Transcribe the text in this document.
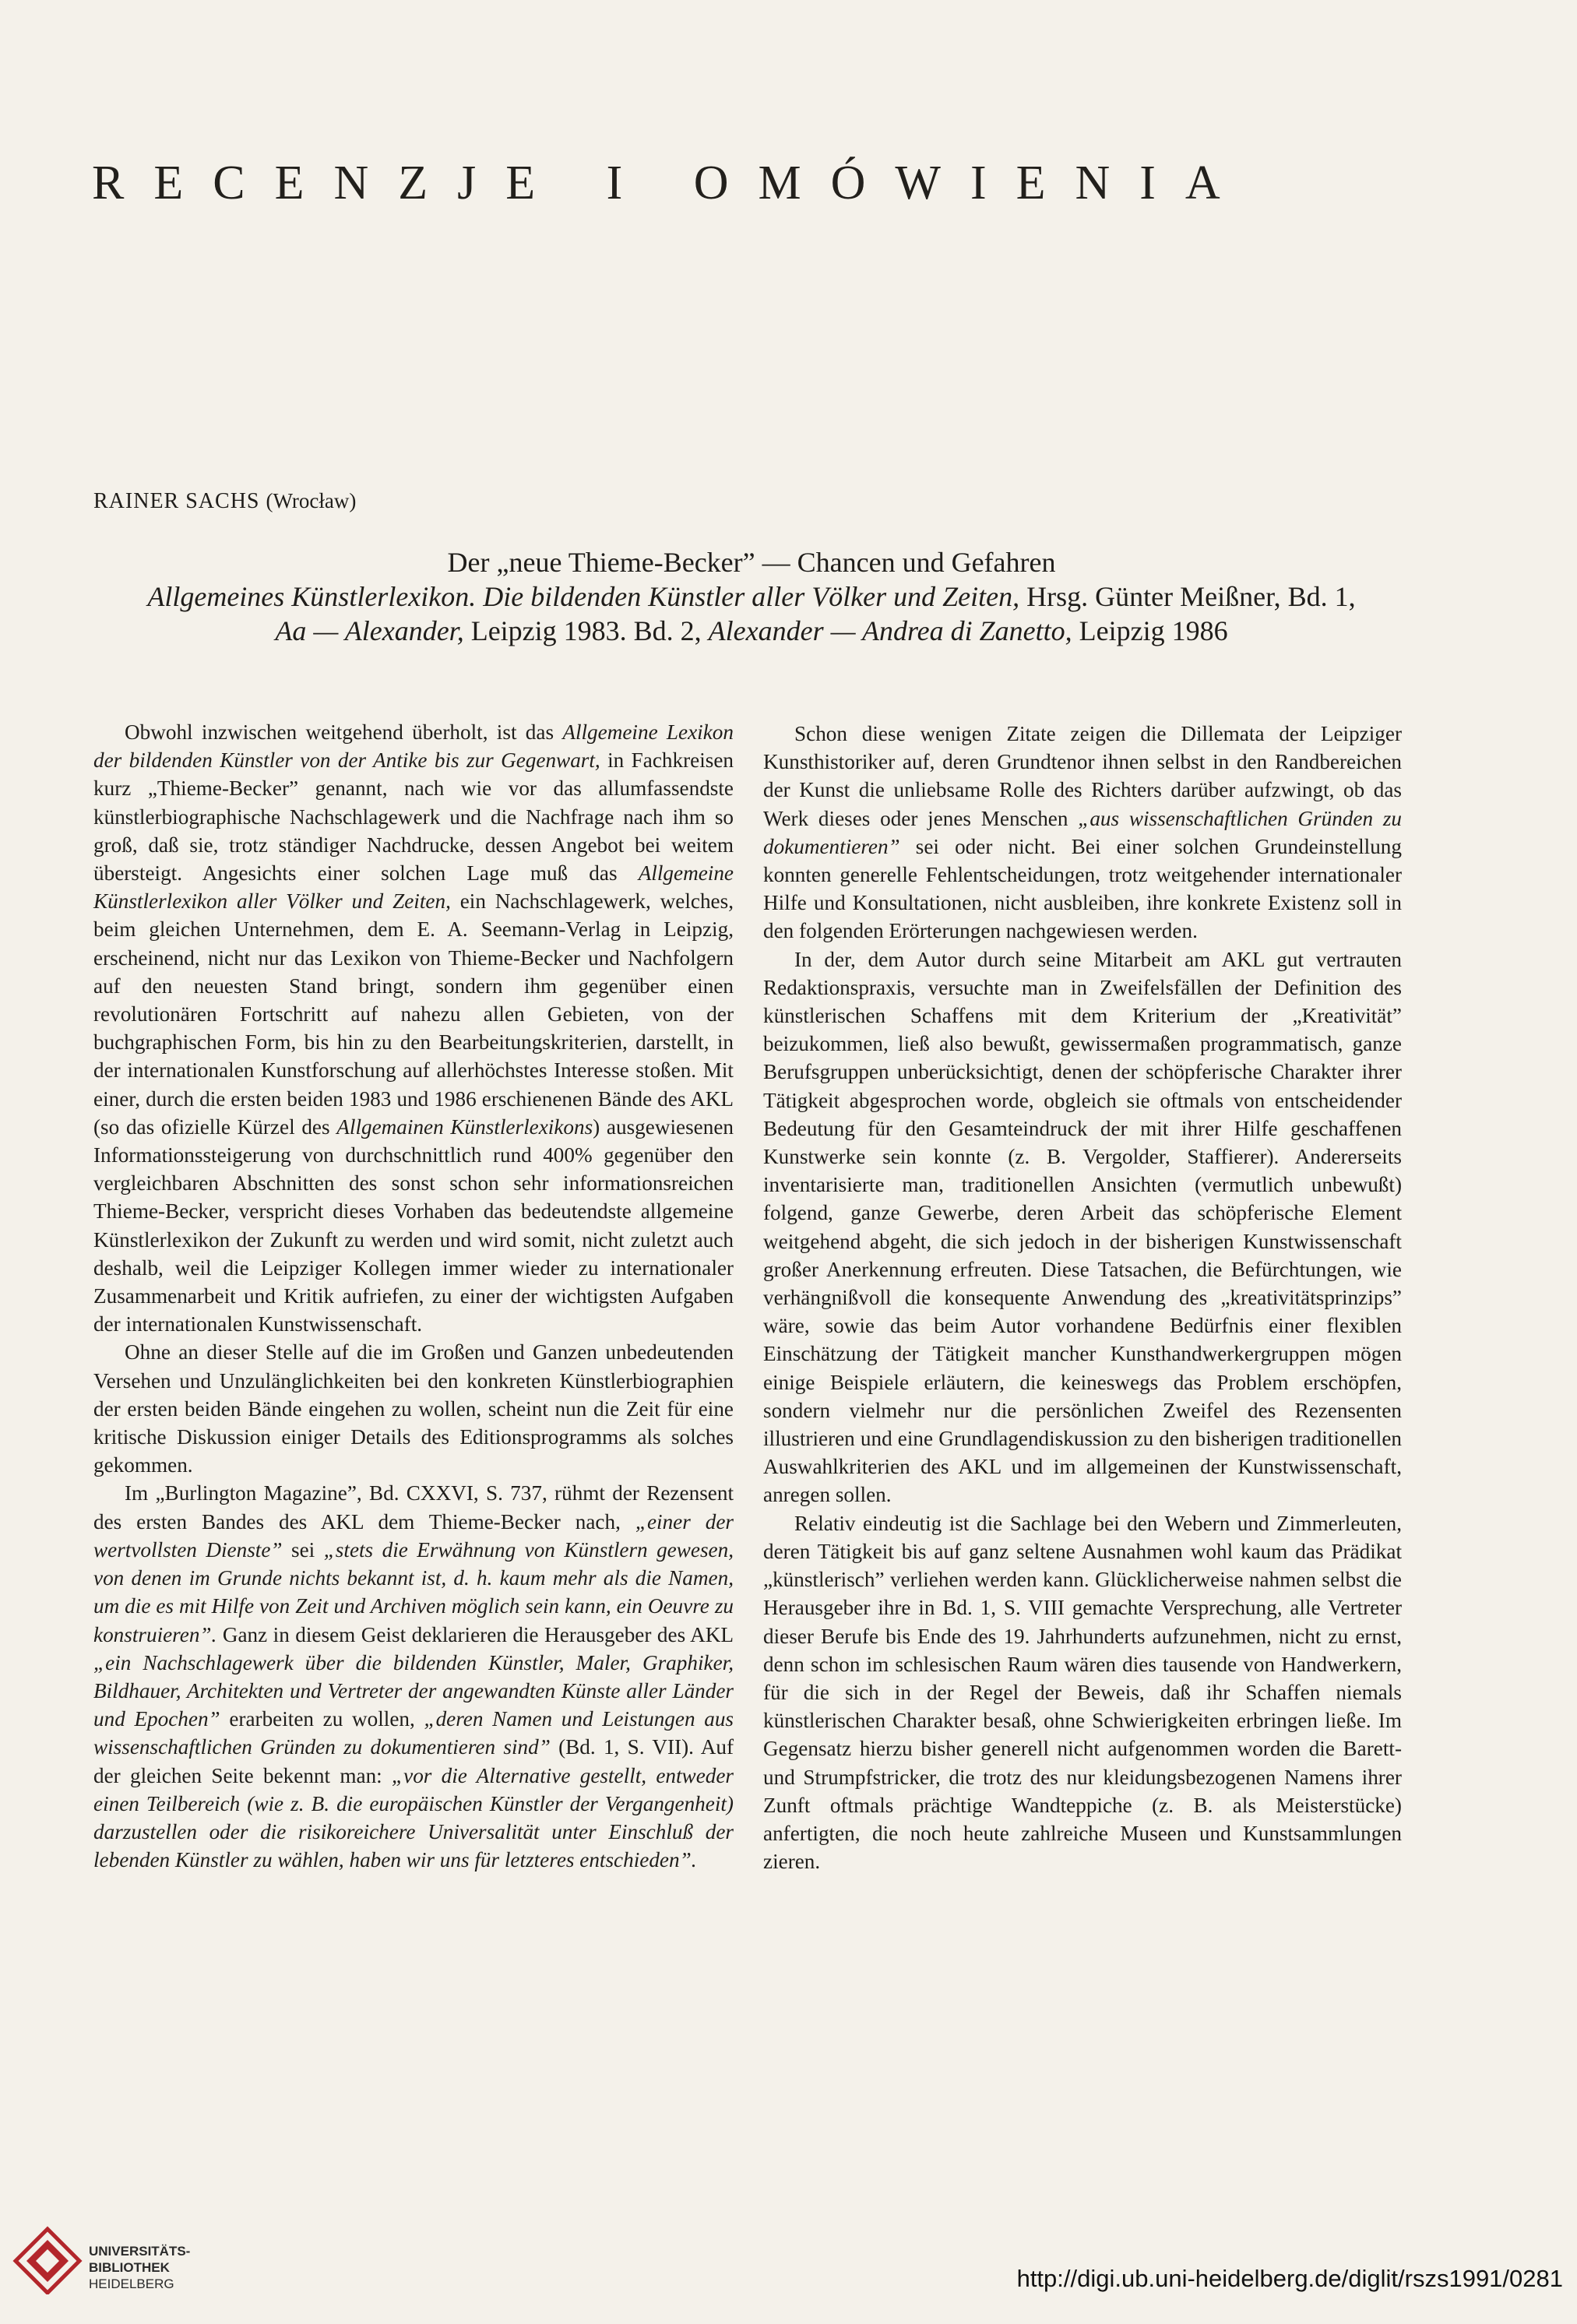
RECENZJE I OMÓWIENIA
RAINER SACHS (Wrocław)
Der „neue Thieme-Becker” — Chancen und Gefahren
Allgemeines Künstlerlexikon. Die bildenden Künstler aller Völker und Zeiten, Hrsg. Günter Meißner, Bd. 1,
Aa — Alexander, Leipzig 1983. Bd. 2, Alexander — Andrea di Zanetto, Leipzig 1986

Obwohl inzwischen weitgehend überholt, ist das Allgemeine Lexikon der bildenden Künstler von der Antike bis zur Gegenwart, in Fachkreisen kurz „Thieme-Becker” genannt, nach wie vor das allumfassendste künstlerbiographische Nachschlagewerk und die Nachfrage nach ihm so groß, daß sie, trotz ständiger Nachdrucke, dessen Angebot bei weitem übersteigt. Angesichts einer solchen Lage muß das Allgemeine Künstlerlexikon aller Völker und Zeiten, ein Nachschlagewerk, welches, beim gleichen Unternehmen, dem E. A. Seemann-Verlag in Leipzig, erscheinend, nicht nur das Lexikon von Thieme-Becker und Nachfolgern auf den neuesten Stand bringt, sondern ihm gegenüber einen revolutionären Fortschritt auf nahezu allen Gebieten, von der buchgraphischen Form, bis hin zu den Bearbeitungskriterien, darstellt, in der internationalen Kunstforschung auf allerhöchstes Interesse stoßen. Mit einer, durch die ersten beiden 1983 und 1986 erschienenen Bände des AKL (so das ofizielle Kürzel des Allgemainen Künstlerlexikons) ausgewiesenen Informationssteigerung von durchschnittlich rund 400% gegenüber den vergleichbaren Abschnitten des sonst schon sehr informationsreichen Thieme-Becker, verspricht dieses Vorhaben das bedeutendste allgemeine Künstlerlexikon der Zukunft zu werden und wird somit, nicht zuletzt auch deshalb, weil die Leipziger Kollegen immer wieder zu internationaler Zusammenarbeit und Kritik aufriefen, zu einer der wichtigsten Aufgaben der internationalen Kunstwissenschaft.

Ohne an dieser Stelle auf die im Großen und Ganzen unbedeutenden Versehen und Unzulänglichkeiten bei den konkreten Künstlerbiographien der ersten beiden Bände eingehen zu wollen, scheint nun die Zeit für eine kritische Diskussion einiger Details des Editionsprogramms als solches gekommen.

Im „Burlington Magazine”, Bd. CXXVI, S. 737, rühmt der Rezensent des ersten Bandes des AKL dem Thieme-Becker nach, „einer der wertvollsten Dienste” sei „stets die Erwähnung von Künstlern gewesen, von denen im Grunde nichts bekannt ist, d. h. kaum mehr als die Namen, um die es mit Hilfe von Zeit und Archiven möglich sein kann, ein Oeuvre zu konstruieren”. Ganz in diesem Geist deklarieren die Herausgeber des AKL „ein Nachschlagewerk über die bildenden Künstler, Maler, Graphiker, Bildhauer, Architekten und Vertreter der angewandten Künste aller Länder und Epochen” erarbeiten zu wollen, „deren Namen und Leistungen aus wissenschaftlichen Gründen zu dokumentieren sind” (Bd. 1, S. VII). Auf der gleichen Seite bekennt man: „vor die Alternative gestellt, entweder einen Teilbereich (wie z. B. die europäischen Künstler der Vergangenheit) darzustellen oder die risikoreichere Universalität unter Einschluß der lebenden Künstler zu wählen, haben wir uns für letzteres entschieden”.

Schon diese wenigen Zitate zeigen die Dillemata der Leipziger Kunsthistoriker auf, deren Grundtenor ihnen selbst in den Randbereichen der Kunst die unliebsame Rolle des Richters darüber aufzwingt, ob das Werk dieses oder jenes Menschen „aus wissenschaftlichen Gründen zu dokumentieren” sei oder nicht. Bei einer solchen Grundeinstellung konnten generelle Fehlentscheidungen, trotz weitgehender internationaler Hilfe und Konsultationen, nicht ausbleiben, ihre konkrete Existenz soll in den folgenden Erörterungen nachgewiesen werden.

In der, dem Autor durch seine Mitarbeit am AKL gut vertrauten Redaktionspraxis, versuchte man in Zweifelsfällen der Definition des künstlerischen Schaffens mit dem Kriterium der „Kreativität” beizukommen, ließ also bewußt, gewissermaßen programmatisch, ganze Berufsgruppen unberücksichtigt, denen der schöpferische Charakter ihrer Tätigkeit abgesprochen worde, obgleich sie oftmals von entscheidender Bedeutung für den Gesamteindruck der mit ihrer Hilfe geschaffenen Kunstwerke sein konnte (z. B. Vergolder, Staffierer). Andererseits inventarisierte man, traditionellen Ansichten (vermutlich unbewußt) folgend, ganze Gewerbe, deren Arbeit das schöpferische Element weitgehend abgeht, die sich jedoch in der bisherigen Kunstwissenschaft großer Anerkennung erfreuten. Diese Tatsachen, die Befürchtungen, wie verhängnißvoll die konsequente Anwendung des „kreativitätsprinzips” wäre, sowie das beim Autor vorhandene Bedürfnis einer flexiblen Einschätzung der Tätigkeit mancher Kunsthandwerkergruppen mögen einige Beispiele erläutern, die keineswegs das Problem erschöpfen, sondern vielmehr nur die persönlichen Zweifel des Rezensenten illustrieren und eine Grundlagendiskussion zu den bisherigen traditionellen Auswahlkriterien des AKL und im allgemeinen der Kunstwissenschaft, anregen sollen.

Relativ eindeutig ist die Sachlage bei den Webern und Zimmerleuten, deren Tätigkeit bis auf ganz seltene Ausnahmen wohl kaum das Prädikat „künstlerisch” verliehen werden kann. Glücklicherweise nahmen selbst die Herausgeber ihre in Bd. 1, S. VIII gemachte Versprechung, alle Vertreter dieser Berufe bis Ende des 19. Jahrhunderts aufzunehmen, nicht zu ernst, denn schon im schlesischen Raum wären dies tausende von Handwerkern, für die sich in der Regel der Beweis, daß ihr Schaffen niemals künstlerischen Charakter besaß, ohne Schwierigkeiten erbringen ließe. Im Gegensatz hierzu bisher generell nicht aufgenommen worden die Barett- und Strumpfstricker, die trotz des nur kleidungsbezogenen Namens ihrer Zunft oftmals prächtige Wandteppiche (z. B. als Meisterstücke) anfertigten, die noch heute zahlreiche Museen und Kunstsammlungen zieren.

UNIVERSITÄTS-
BIBLIOTHEK
HEIDELBERG	http://digi.ub.uni-heidelberg.de/diglit/rszs1991/0281
